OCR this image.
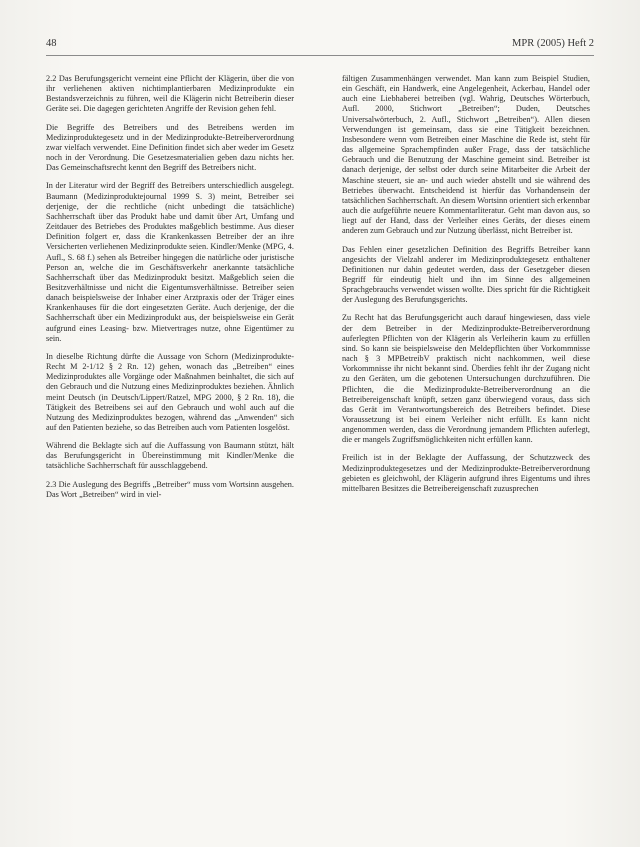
48	MPR (2005) Heft 2

2.2 Das Berufungsgericht verneint eine Pflicht der Klägerin, über die von ihr verliehenen aktiven nichtimplantierbaren Medizinprodukte ein Bestandsverzeichnis zu führen, weil die Klägerin nicht Betreiberin dieser Geräte sei. Die dagegen gerichteten Angriffe der Revision gehen fehl.

Die Begriffe des Betreibers und des Betreibens werden im Medizinproduktegesetz und in der Medizinprodukte-Betreiberverordnung zwar vielfach verwendet. Eine Definition findet sich aber weder im Gesetz noch in der Verordnung. Die Gesetzesmaterialien geben dazu nichts her. Das Gemeinschaftsrecht kennt den Begriff des Betreibers nicht.

In der Literatur wird der Begriff des Betreibers unterschiedlich ausgelegt. Baumann (Medizinproduktejournal 1999 S. 3) meint, Betreiber sei derjenige, der die rechtliche (nicht unbedingt die tatsächliche) Sachherrschaft über das Produkt habe und damit über Art, Umfang und Zeitdauer des Betriebes des Produktes maßgeblich bestimme. Aus dieser Definition folgert er, dass die Krankenkassen Betreiber der an ihre Versicherten verliehenen Medizinprodukte seien. Kindler/Menke (MPG, 4. Aufl., S. 68 f.) sehen als Betreiber hingegen die natürliche oder juristische Person an, welche die im Geschäftsverkehr anerkannte tatsächliche Sachherrschaft über das Medizinprodukt besitzt. Maßgeblich seien die Besitzverhältnisse und nicht die Eigentumsverhältnisse. Betreiber seien danach beispielsweise der Inhaber einer Arztpraxis oder der Träger eines Krankenhauses für die dort eingesetzten Geräte. Auch derjenige, der die Sachherrschaft über ein Medizinprodukt aus, der beispielsweise ein Gerät aufgrund eines Leasing- bzw. Mietvertrages nutze, ohne Eigentümer zu sein.

In dieselbe Richtung dürfte die Aussage von Schorn (Medizinprodukte-Recht M 2-1/12 § 2 Rn. 12) gehen, wonach das „Betreiben“ eines Medizinproduktes alle Vorgänge oder Maßnahmen beinhaltet, die sich auf den Gebrauch und die Nutzung eines Medizinproduktes beziehen. Ähnlich meint Deutsch (in Deutsch/Lippert/Ratzel, MPG 2000, § 2 Rn. 18), die Tätigkeit des Betreibens sei auf den Gebrauch und wohl auch auf die Nutzung des Medizinproduktes bezogen, während das „Anwenden“ sich auf den Patienten beziehe, so das Betreiben auch vom Patienten losgelöst.

Während die Beklagte sich auf die Auffassung von Baumann stützt, hält das Berufungsgericht in Übereinstimmung mit Kindler/Menke die tatsächliche Sachherrschaft für ausschlaggebend.

2.3 Die Auslegung des Begriffs „Betreiber“ muss vom Wortsinn ausgehen. Das Wort „Betreiben“ wird in viel-

fältigen Zusammenhängen verwendet. Man kann zum Beispiel Studien, ein Geschäft, ein Handwerk, eine Angelegenheit, Ackerbau, Handel oder auch eine Liebhaberei betreiben (vgl. Wahrig, Deutsches Wörterbuch, Aufl. 2000, Stichwort „Betreiben“; Duden, Deutsches Universalwörterbuch, 2. Aufl., Stichwort „Betreiben“). Allen diesen Verwendungen ist gemeinsam, dass sie eine Tätigkeit bezeichnen. Insbesondere wenn vom Betreiben einer Maschine die Rede ist, steht für das allgemeine Sprachempfinden außer Frage, dass der tatsächliche Gebrauch und die Benutzung der Maschine gemeint sind. Betreiber ist danach derjenige, der selbst oder durch seine Mitarbeiter die Arbeit der Maschine steuert, sie an- und auch wieder abstellt und sie während des Betriebes überwacht. Entscheidend ist hierfür das Vorhandensein der tatsächlichen Sachherrschaft. An diesem Wortsinn orientiert sich erkennbar auch die aufgeführte neuere Kommentarliteratur. Geht man davon aus, so liegt auf der Hand, dass der Verleiher eines Geräts, der dieses einem anderen zum Gebrauch und zur Nutzung überlässt, nicht Betreiber ist.

Das Fehlen einer gesetzlichen Definition des Begriffs Betreiber kann angesichts der Vielzahl anderer im Medizinproduktegesetz enthaltener Definitionen nur dahin gedeutet werden, dass der Gesetzgeber diesen Begriff für eindeutig hielt und ihn im Sinne des allgemeinen Sprachgebrauchs verwendet wissen wollte. Dies spricht für die Richtigkeit der Auslegung des Berufungsgerichts.

Zu Recht hat das Berufungsgericht auch darauf hingewiesen, dass viele der dem Betreiber in der Medizinprodukte-Betreiberverordnung auferlegten Pflichten von der Klägerin als Verleiherin kaum zu erfüllen sind. So kann sie beispielsweise den Meldepflichten über Vorkommnisse nach § 3 MPBetreibV praktisch nicht nachkommen, weil diese Vorkommnisse ihr nicht bekannt sind. Überdies fehlt ihr der Zugang nicht zu den Geräten, um die gebotenen Untersuchungen durchzuführen. Die Pflichten, die die Medizinprodukte-Betreiberverordnung an die Betreibereigenschaft knüpft, setzen ganz überwiegend voraus, dass sich das Gerät im Verantwortungsbereich des Betreibers befindet. Diese Voraussetzung ist bei einem Verleiher nicht erfüllt. Es kann nicht angenommen werden, dass die Verordnung jemandem Pflichten auferlegt, die er mangels Zugriffsmöglichkeiten nicht erfüllen kann.

Freilich ist in der Beklagte der Auffassung, der Schutzzweck des Medizinproduktegesetzes und der Medizinprodukte-Betreiberverordnung gebieten es gleichwohl, der Klägerin aufgrund ihres Eigentums und ihres mittelbaren Besitzes die Betreibereigenschaft zuzusprechen
